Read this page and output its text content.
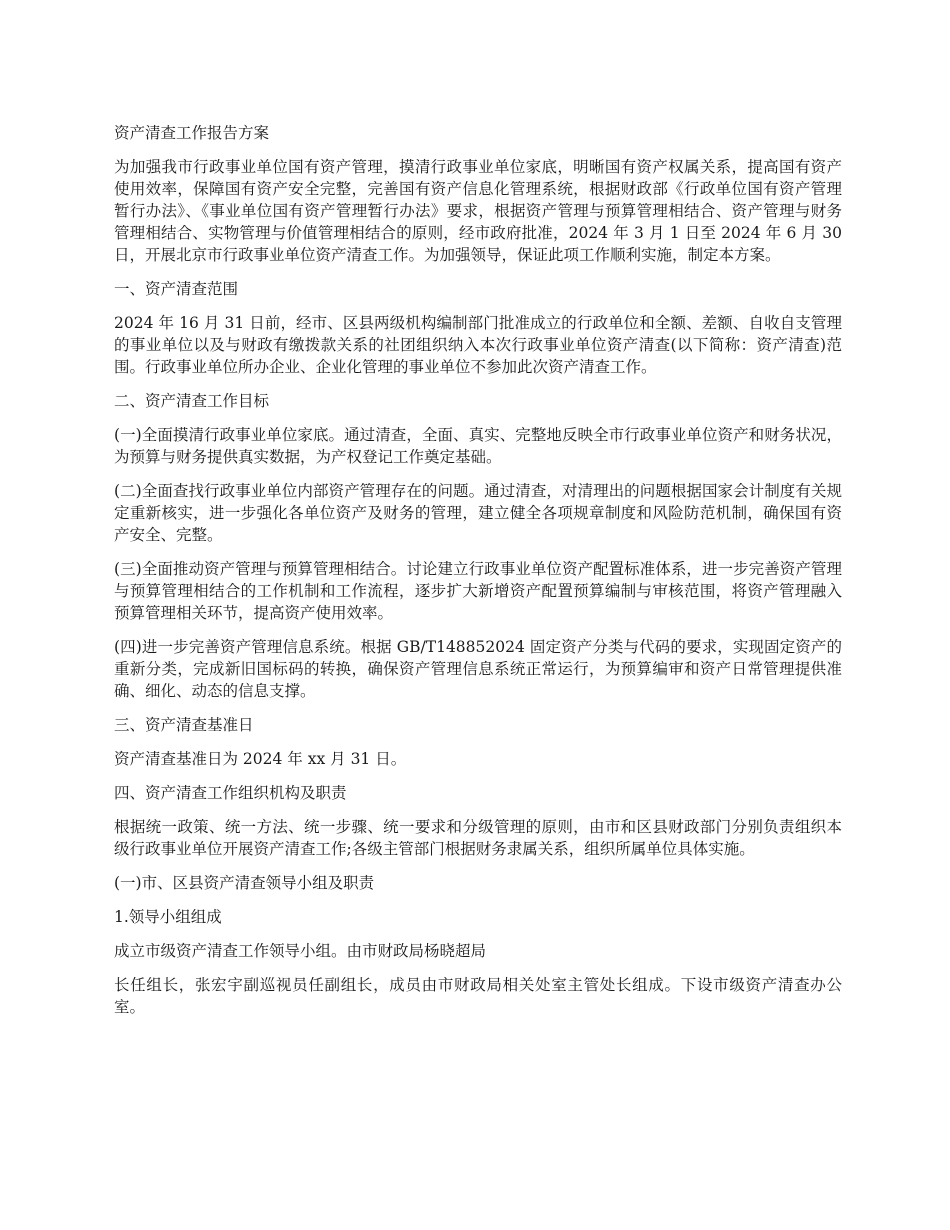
资产清查工作报告方案

为加强我市行政事业单位国有资产管理，摸清行政事业单位家底，明晰国有资产权属关系，提高国有资产使用效率，保障国有资产安全完整，完善国有资产信息化管理系统，根据财政部《行政单位国有资产管理暂行办法》、《事业单位国有资产管理暂行办法》要求，根据资产管理与预算管理相结合、资产管理与财务管理相结合、实物管理与价值管理相结合的原则，经市政府批准，2024 年 3 月 1 日至 2024 年 6 月 30 日，开展北京市行政事业单位资产清查工作。为加强领导，保证此项工作顺利实施，制定本方案。

一、资产清查范围

2024 年 16 月 31 日前，经市、区县两级机构编制部门批准成立的行政单位和全额、差额、自收自支管理的事业单位以及与财政有缴拨款关系的社团组织纳入本次行政事业单位资产清查(以下简称：资产清查)范围。行政事业单位所办企业、企业化管理的事业单位不参加此次资产清查工作。

二、资产清查工作目标

(一)全面摸清行政事业单位家底。通过清查，全面、真实、完整地反映全市行政事业单位资产和财务状况，为预算与财务提供真实数据，为产权登记工作奠定基础。

(二)全面查找行政事业单位内部资产管理存在的问题。通过清查，对清理出的问题根据国家会计制度有关规定重新核实，进一步强化各单位资产及财务的管理，建立健全各项规章制度和风险防范机制，确保国有资产安全、完整。

(三)全面推动资产管理与预算管理相结合。讨论建立行政事业单位资产配置标准体系，进一步完善资产管理与预算管理相结合的工作机制和工作流程，逐步扩大新增资产配置预算编制与审核范围，将资产管理融入预算管理相关环节，提高资产使用效率。

(四)进一步完善资产管理信息系统。根据 GB/T148852024 固定资产分类与代码的要求，实现固定资产的重新分类，完成新旧国标码的转换，确保资产管理信息系统正常运行，为预算编审和资产日常管理提供准确、细化、动态的信息支撑。

三、资产清查基准日

资产清查基准日为 2024 年 xx 月 31 日。

四、资产清查工作组织机构及职责

根据统一政策、统一方法、统一步骤、统一要求和分级管理的原则，由市和区县财政部门分别负责组织本级行政事业单位开展资产清查工作;各级主管部门根据财务隶属关系，组织所属单位具体实施。

(一)市、区县资产清查领导小组及职责

1.领导小组组成

成立市级资产清查工作领导小组。由市财政局杨晓超局

长任组长，张宏宇副巡视员任副组长，成员由市财政局相关处室主管处长组成。下设市级资产清查办公室。
